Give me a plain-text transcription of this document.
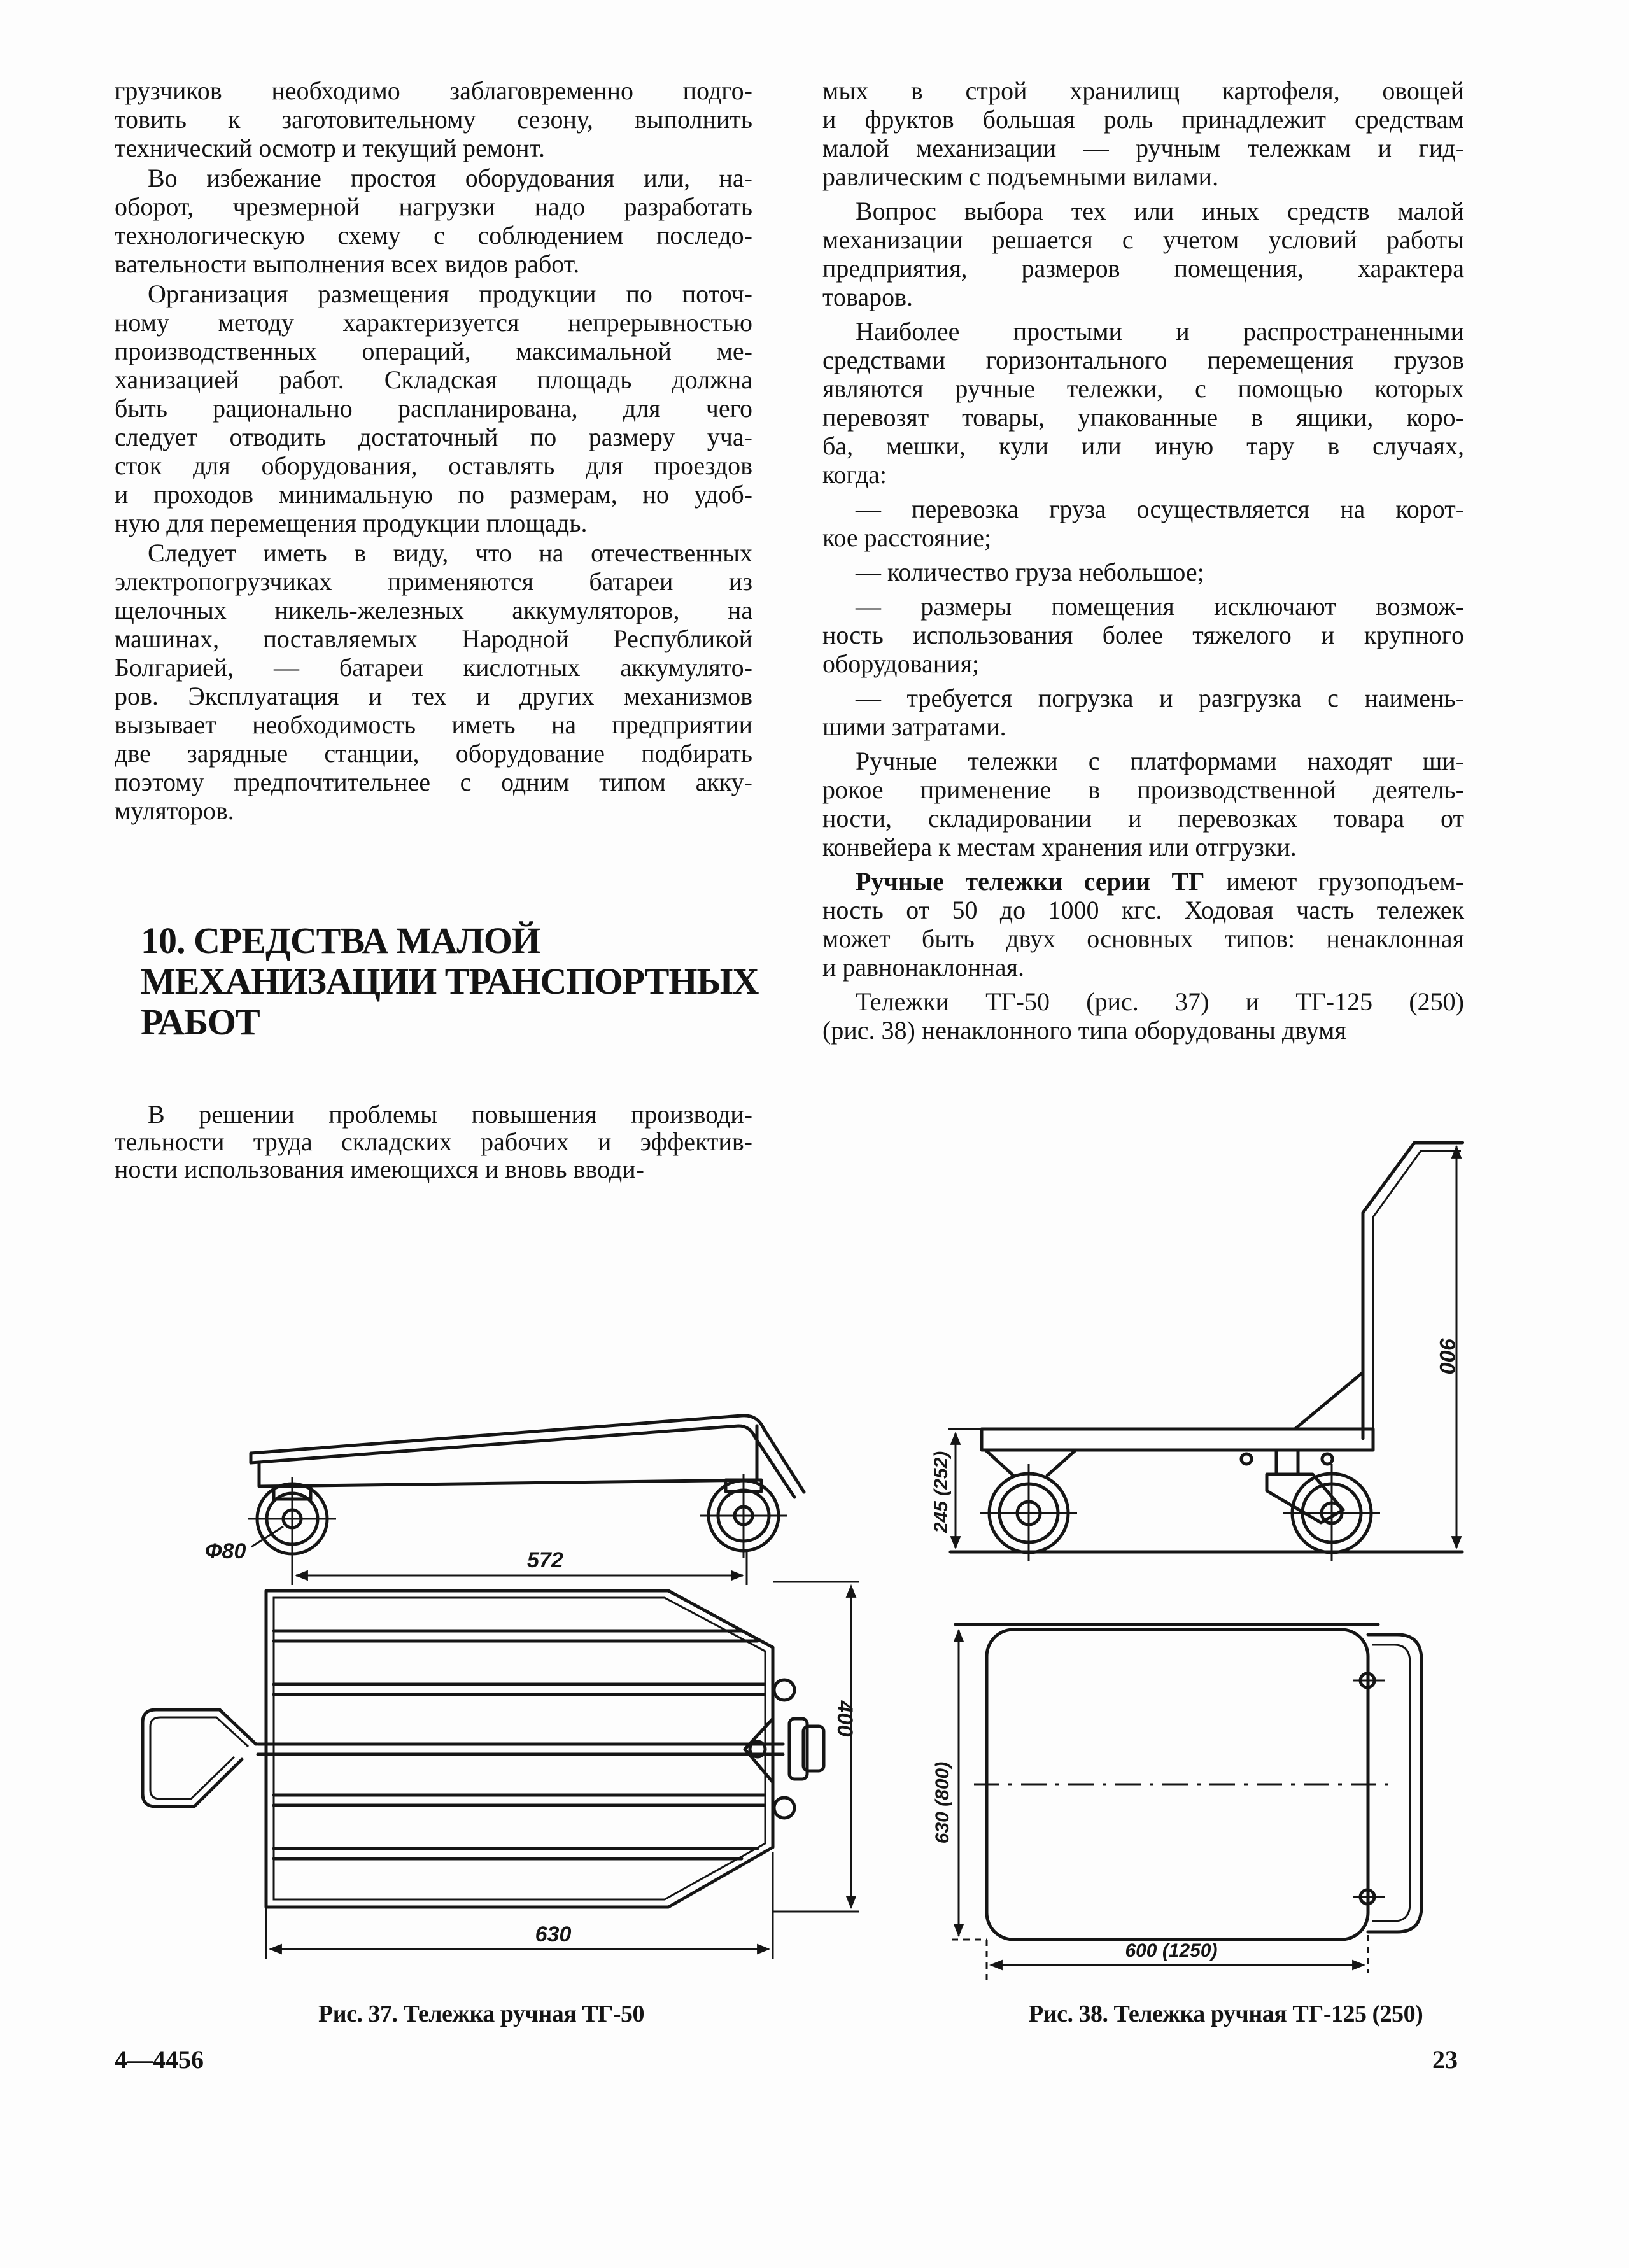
грузчиков необходимо заблаговременно подго-
товить к заготовительному сезону, выполнить
технический осмотр и текущий ремонт.
Во избежание простоя оборудования или, на-
оборот, чрезмерной нагрузки надо разработать
технологическую схему с соблюдением последо-
вательности выполнения всех видов работ.
Организация размещения продукции по поточ-
ному методу характеризуется непрерывностью
производственных операций, максимальной ме-
ханизацией работ. Складская площадь должна
быть рационально распланирована, для чего
следует отводить достаточный по размеру уча-
сток для оборудования, оставлять для проездов
и проходов минимальную по размерам, но удоб-
ную для перемещения продукции площадь.
Следует иметь в виду, что на отечественных
электропогрузчиках применяются батареи из
щелочных никель-железных аккумуляторов, на
машинах, поставляемых Народной Республикой
Болгарией, — батареи кислотных аккумулято-
ров. Эксплуатация и тех и других механизмов
вызывает необходимость иметь на предприятии
две зарядные станции, оборудование подбирать
поэтому предпочтительнее с одним типом акку-
муляторов.
10. СРЕДСТВА МАЛОЙ
МЕХАНИЗАЦИИ ТРАНСПОРТНЫХ
РАБОТ
В решении проблемы повышения производи-
тельности труда складских рабочих и эффектив-
ности использования имеющихся и вновь вводи-
мых в строй хранилищ картофеля, овощей
и фруктов большая роль принадлежит средствам
малой механизации — ручным тележкам и гид-
равлическим с подъемными вилами.
Вопрос выбора тех или иных средств малой
механизации решается с учетом условий работы
предприятия, размеров помещения, характера
товаров.
Наиболее простыми и распространенными
средствами горизонтального перемещения грузов
являются ручные тележки, с помощью которых
перевозят товары, упакованные в ящики, коро-
ба, мешки, кули или иную тару в случаях,
когда:
— перевозка груза осуществляется на корот-
кое расстояние;
— количество груза небольшое;
— размеры помещения исключают возмож-
ность использования более тяжелого и крупного
оборудования;
— требуется погрузка и разгрузка с наимень-
шими затратами.
Ручные тележки с платформами находят ши-
рокое применение в производственной деятель-
ности, складировании и перевозках товара от
конвейера к местам хранения или отгрузки.
Ручные тележки серии ТГ имеют грузоподъем-
ность от 50 до 1000 кгс. Ходовая часть тележек
может быть двух основных типов: ненаклонная
и равнонаклонная.
Тележки ТГ-50 (рис. 37) и ТГ-125 (250)
(рис. 38) ненаклонного типа оборудованы двумя
Ф80	572
400
630
900
245 (252)
630 (800)
600 (1250)
Рис. 37. Тележка ручная ТГ-50	Рис. 38. Тележка ручная ТГ-125 (250)
4—4456	23
